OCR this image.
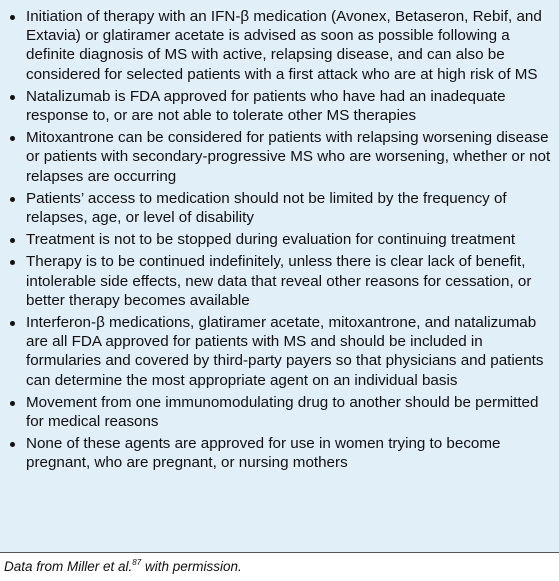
Initiation of therapy with an IFN-β medication (Avonex, Betaseron, Rebif, and Extavia) or glatiramer acetate is advised as soon as possible following a definite diagnosis of MS with active, relapsing disease, and can also be considered for selected patients with a first attack who are at high risk of MS
Natalizumab is FDA approved for patients who have had an inadequate response to, or are not able to tolerate other MS therapies
Mitoxantrone can be considered for patients with relapsing worsening disease or patients with secondary-progressive MS who are worsening, whether or not relapses are occurring
Patients’ access to medication should not be limited by the frequency of relapses, age, or level of disability
Treatment is not to be stopped during evaluation for continuing treatment
Therapy is to be continued indefinitely, unless there is clear lack of benefit, intolerable side effects, new data that reveal other reasons for cessation, or better therapy becomes available
Interferon-β medications, glatiramer acetate, mitoxantrone, and natalizumab are all FDA approved for patients with MS and should be included in formularies and covered by third-party payers so that physicians and patients can determine the most appropriate agent on an individual basis
Movement from one immunomodulating drug to another should be permitted for medical reasons
None of these agents are approved for use in women trying to become pregnant, who are pregnant, or nursing mothers
Data from Miller et al.$^{87}$ with permission.
